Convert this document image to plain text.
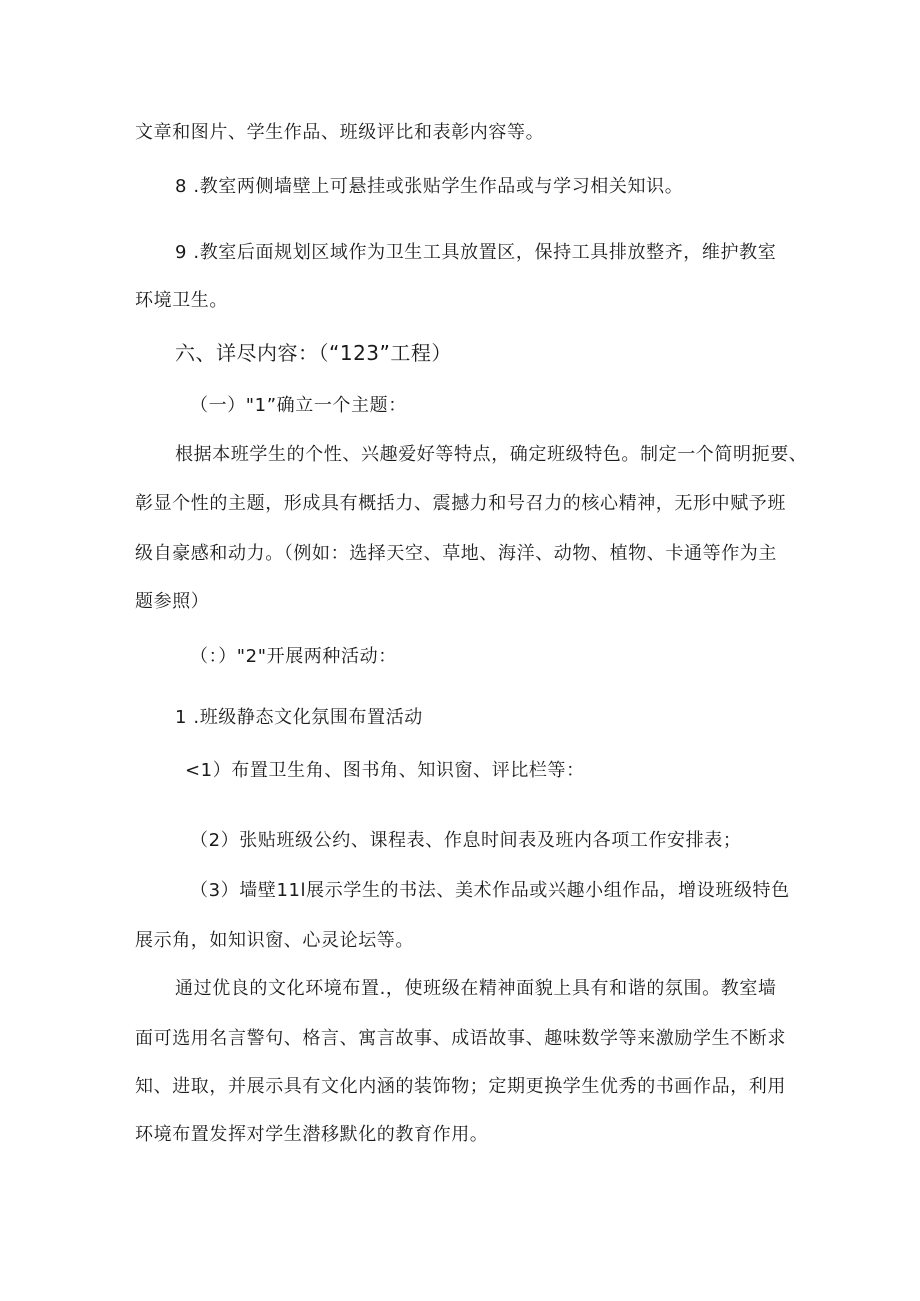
文章和图片、学生作品、班级评比和表彰内容等。
8 .教室两侧墙壁上可悬挂或张贴学生作品或与学习相关知识。
9 .教室后面规划区域作为卫生工具放置区，保持工具排放整齐，维护教室
环境卫生。
六、详尽内容：（“123”工程）
（一）"1”确立一个主题：
根据本班学生的个性、兴趣爱好等特点，确定班级特色。制定一个简明扼要、
彰显个性的主题，形成具有概括力、震撼力和号召力的核心精神，无形中赋予班
级自豪感和动力。（例如：选择天空、草地、海洋、动物、植物、卡通等作为主
题参照）
（：）"2"开展两种活动：
1 .班级静态文化氛围布置活动
<1）布置卫生角、图书角、知识窗、评比栏等：
（2）张贴班级公约、课程表、作息时间表及班内各项工作安排表；
（3）墙壁11l展示学生的书法、美术作品或兴趣小组作品，增设班级特色
展示角，如知识窗、心灵论坛等。
通过优良的文化环境布置.，使班级在精神面貌上具有和谐的氛围。教室墙
面可选用名言警句、格言、寓言故事、成语故事、趣味数学等来激励学生不断求
知、进取，并展示具有文化内涵的装饰物；定期更换学生优秀的书画作品，利用
环境布置发挥对学生潜移默化的教育作用。
